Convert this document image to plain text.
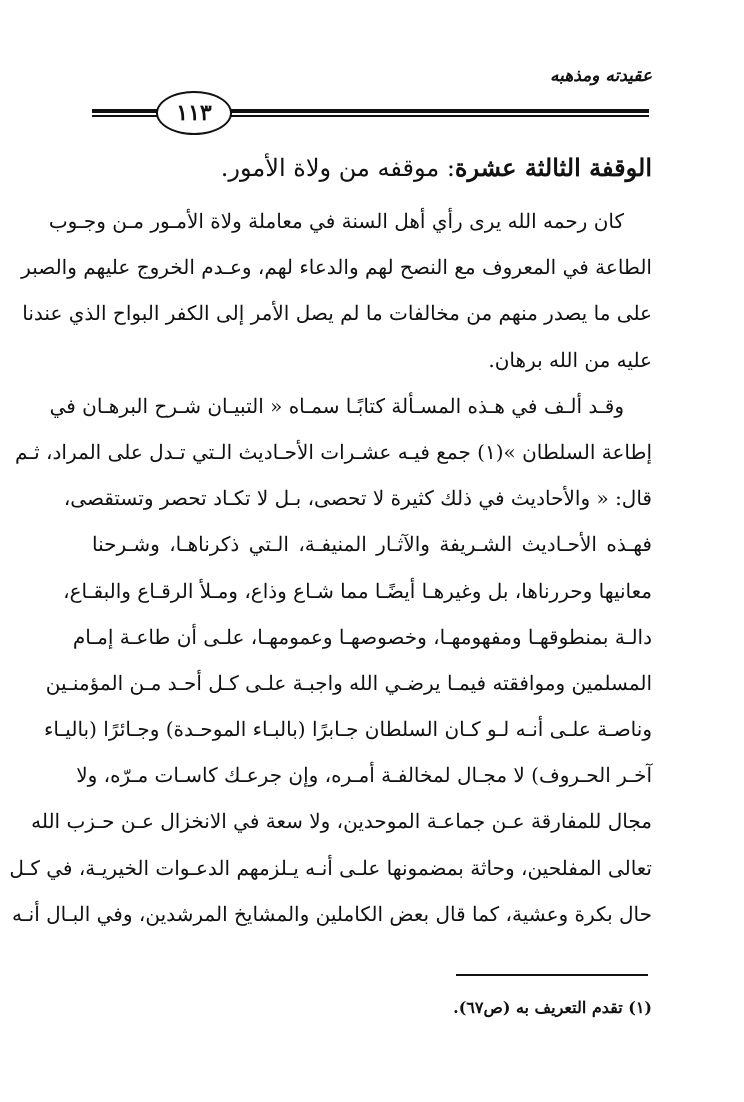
عقيدته ومذهبه
١١٣
الوقفة الثالثة عشرة: موقفه من ولاة الأمور.
كان رحمه الله يرى رأي أهل السنة في معاملة ولاة الأمـور مـن وجـوب
الطاعة في المعروف مع النصح لهم والدعاء لهم، وعـدم الخروج عليهم والصبر
على ما يصدر منهم من مخالفات ما لم يصل الأمر إلى الكفر البواح الذي عندنا
عليه من الله برهان.
وقـد ألـف في هـذه المسـألة كتابًـا سمـاه « التبيـان شـرح البرهـان في
إطاعة السلطان »(١) جمع فيـه عشـرات الأحـاديث الـتي تـدل على المراد، ثـم
قال: « والأحاديث في ذلك كثيرة لا تحصى، بـل لا تكـاد تحصر وتستقصى،
فهـذه الأحـاديث الشـريفة والآثـار المنيفـة، الـتي ذكرناهـا، وشـرحنا
معانيها وحررناها، بل وغيرهـا أيضًـا مما شـاع وذاع، ومـلأ الرقـاع والبقـاع،
دالـة بمنطوقهـا ومفهومهـا، وخصوصهـا وعمومهـا، علـى أن طاعـة إمـام
المسلمين وموافقته فيمـا يرضـي الله واجبـة علـى كـل أحـد مـن المؤمنـين
وناصـة علـى أنـه لـو كـان السلطان جـابرًا (بالبـاء الموحـدة) وجـائرًا (باليـاء
آخـر الحـروف) لا مجـال لمخالفـة أمـره، وإن جرعـك كاسـات مـرّه، ولا
مجال للمفارقة عـن جماعـة الموحدين، ولا سعة في الانخزال عـن حـزب الله
تعالى المفلحين، وحاثة بمضمونها علـى أنـه يـلزمهم الدعـوات الخيريـة، في كـل
حال بكرة وعشية، كما قال بعض الكاملين والمشايخ المرشدين، وفي البـال أنـه
(١) تقدم التعريف به (ص٦٧).
